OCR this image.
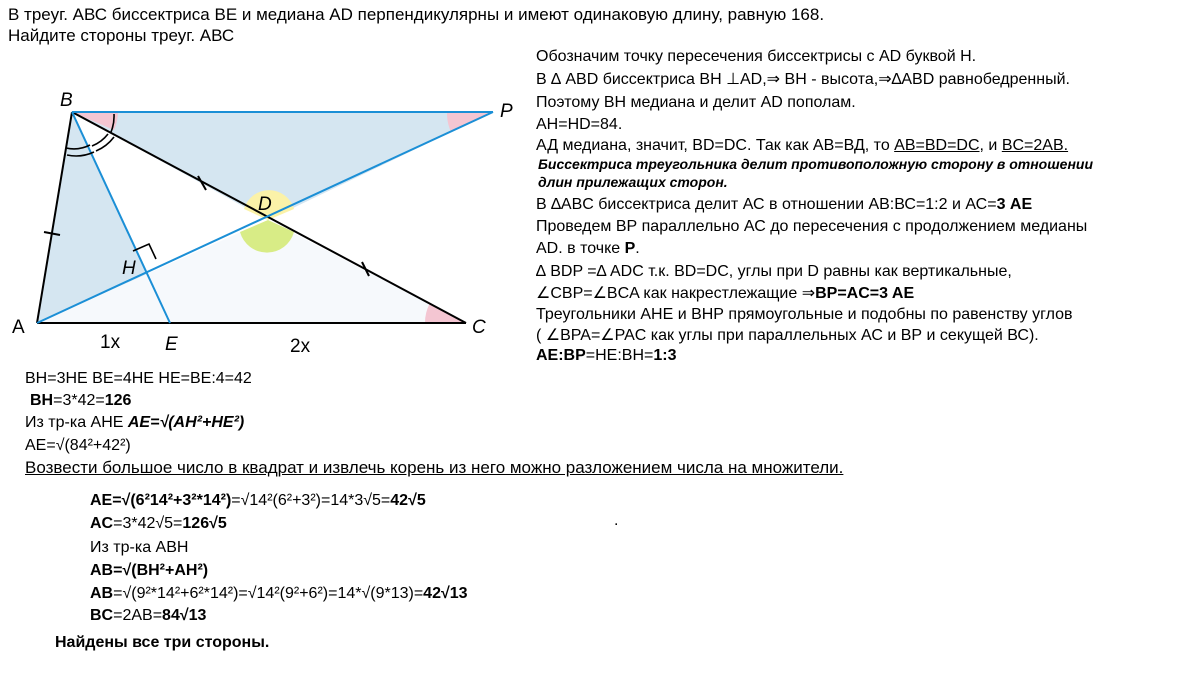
В треуг. АВС биссектриса ВЕ и медиана АD перпендикулярны и имеют одинаковую длину, равную 168.
Найдите стороны треуг. АВС
B
P
A	C
D
H
E
1x	2x
Обозначим точку пересечения биссектрисы с АD буквой Н.
В ∆ ABD биссектриса ВН ⊥AD,⇒ BH - высота,⇒∆ABD равнобедренный.
Поэтому ВН медиана и делит АD пополам.
AH=HD=84.
АД медиана, значит, BD=DC. Так как AB=ВД, то AB=BD=DC, и BC=2AB.
Биссектриса треугольника делит противоположную сторону в отношении
длин прилежащих сторон.
В ∆ABC биссектриса делит АС в отношении АВ:ВС=1:2 и АС=3 AE
Проведем ВР параллельно АС до пересечения с продолжением медианы
AD. в точке Р.
∆ BDP =∆ ADC т.к. BD=DC, углы при D равны как вертикальные,
∠CBP=∠BCA как накрестлежащие ⇒BP=AC=3 AE
Треугольники АНЕ и ВНР прямоугольные и подобны по равенству углов
( ∠BPA=∠PAC как углы при параллельных АС и ВР и секущей ВС).
AE:BP=HE:BH=1:3
BH=3HE BE=4HE HE=BE:4=42
BH=3*42=126
Из тр-ка АНЕ AE=√(AH²+HE²)
AE=√(84²+42²)
Возвести большое число в квадрат и извлечь корень из него можно разложением числа на множители.
AE=√(6²14²+3²*14²)=√14²(6²+3²)=14*3√5=42√5
AC=3*42√5=126√5
Из тр-ка АВН
AB=√(BH²+AH²)
AB=√(9²*14²+6²*14²)=√14²(9²+6²)=14*√(9*13)=42√13
BC=2AB=84√13
Найдены все три стороны.
.
